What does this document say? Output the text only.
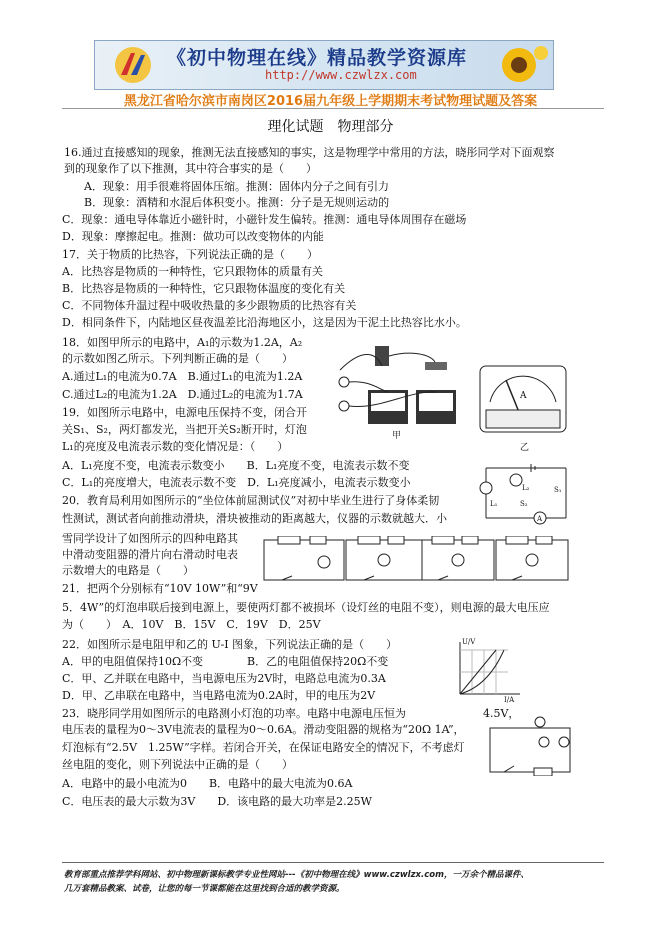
《初中物理在线》精品教学资源库
http://www.czwlzx.com
黑龙江省哈尔滨市南岗区2016届九年级上学期期末考试物理试题及答案
理化试题　物理部分
16.通过直接感知的现象，推测无法直接感知的事实，这是物理学中常用的方法，晓彤同学对下面观察
到的现象作了以下推测，其中符合事实的是（　　）
A．现象：用手很难将固体压缩。推测：固体内分子之间有引力
B．现象：酒精和水混后体积变小。推测：分子是无规则运动的
C．现象：通电导体靠近小磁针时，小磁针发生偏转。推测：通电导体周围存在磁场
D．现象：摩擦起电。推测：做功可以改变物体的内能
17．关于物质的比热容，下列说法正确的是（　　）
A．比热容是物质的一种特性，它只跟物体的质量有关
B．比热容是物质的一种特性，它只跟物体温度的变化有关
C．不同物体升温过程中吸收热量的多少跟物质的比热容有关
D．相同条件下，内陆地区昼夜温差比沿海地区小，这是因为干泥土比热容比水小。
18．如图甲所示的电路中，A₁的示数为1.2A，A₂
的示数如图乙所示。下列判断正确的是（　　）
A.通过L₁的电流为0.7A　B.通过L₁的电流为1.2A
C.通过L₂的电流为1.2A　D.通过L₂的电流为1.7A
19．如图所示电路中，电源电压保持不变，闭合开
关S₁、S₂，两灯都发光，当把开关S₂断开时，灯泡
L₁的亮度及电流表示数的变化情况是：（　　）
A．L₁亮度不变，电流表示数变小　　B．L₁亮度不变，电流表示数不变
C．L₁的亮度增大，电流表示数不变　D．L₁亮度减小，电流表示数变小
20．教育局利用如图所示的“坐位体前屈测试仪”对初中毕业生进行了身体柔韧
性测试，测试者向前推动滑块，滑块被推动的距离越大，仪器的示数就越大．小
雪同学设计了如图所示的四种电路其
中滑动变阻器的滑片向右滑动时电表
示数增大的电路是（　　）
21．把两个分别标有“10V 10W”和“9V
5．4W”的灯泡串联后接到电源上，要使两灯都不被损坏（设灯丝的电阻不变），则电源的最大电压应
为（　　）　A．10V　B．15V　C．19V　D．25V
22．如图所示是电阻甲和乙的 U-I 图象，下列说法正确的是（　　）
A．甲的电阻值保持10Ω不变　　　　B．乙的电阻值保持20Ω不变
C．甲、乙并联在电路中，当电源电压为2V时，电路总电流为0.3A
D．甲、乙串联在电路中，当电路电流为0.2A时，甲的电压为2V
23．晓彤同学用如图所示的电路测小灯泡的功率。电路中电源电压恒为　　　　　　　4.5V，
电压表的量程为0～3V电流表的量程为0～0.6A。滑动变阻器的规格为“20Ω 1A”，
灯泡标有“2.5V　1.25W”字样。若闭合开关，在保证电路安全的情况下，不考虑灯
丝电阻的变化，则下列说法中正确的是（　　）
A．电路中的最小电流为0　　B．电路中的最大电流为0.6A
C．电压表的最大示数为3V　　D．该电路的最大功率是2.25W
甲
A
乙
A
L₁
L₂
S₂
S₁
U/V
I/A
教育部重点推荐学科网站、初中物理新课标教学专业性网站---《初中物理在线》www.czwlzx.com，一万余个精品课件、
几万套精品教案、试卷，让您的每一节课都能在这里找到合适的教学资源。
